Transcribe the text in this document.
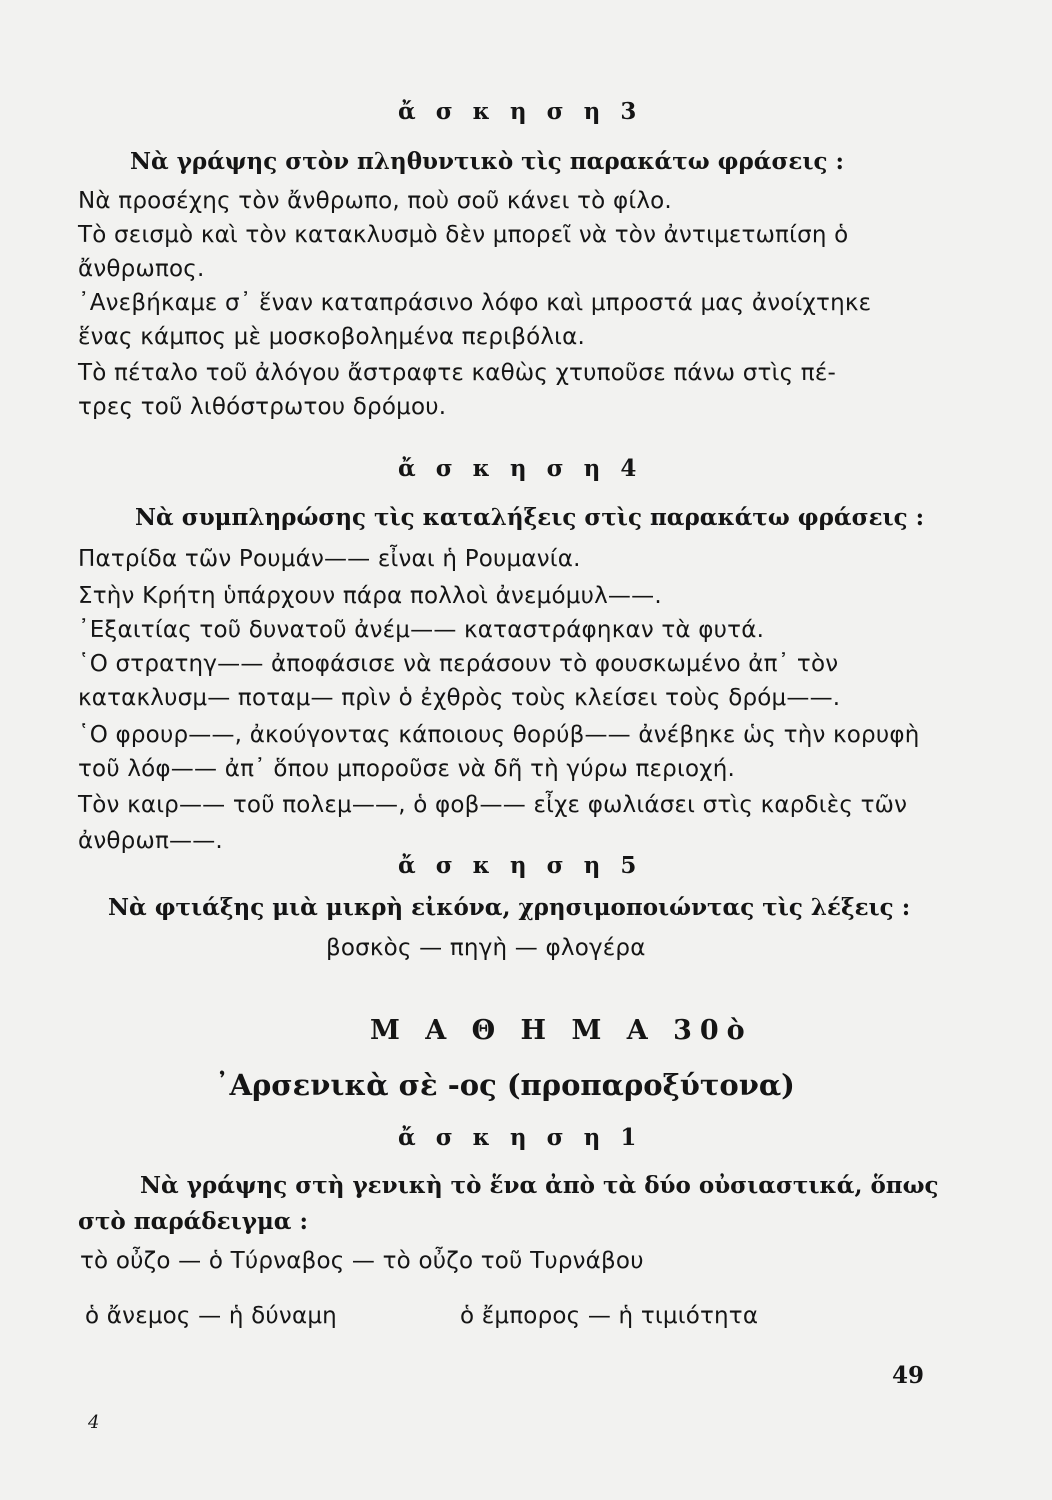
ἄ σ κ η σ η 3
Νὰ γράψης στὸν πληθυντικὸ τὶς παρακάτω φράσεις :
Νὰ προσέχης τὸν ἄνθρωπο, ποὺ σοῦ κάνει τὸ φίλο.
Τὸ σεισμὸ καὶ τὸν κατακλυσμὸ δὲν μπορεῖ νὰ τὸν ἀντιμετωπίση ὁ
ἄνθρωπος.
᾿Ανεβήκαμε σ᾿ ἕναν καταπράσινο λόφο καὶ μπροστά μας ἀνοίχτηκε
ἕνας κάμπος μὲ μοσκοβολημένα περιβόλια.
Τὸ πέταλο τοῦ ἀλόγου ἄστραφτε καθὼς χτυποῦσε πάνω στὶς πέ-
τρες τοῦ λιθόστρωτου δρόμου.
ἄ σ κ η σ η 4
Νὰ συμπληρώσης τὶς καταλήξεις στὶς παρακάτω φράσεις :
Πατρίδα τῶν Ρουμάν—— εἶναι ἡ Ρουμανία.
Στὴν Κρήτη ὑπάρχουν πάρα πολλοὶ ἀνεμόμυλ——.
᾿Εξαιτίας τοῦ δυνατοῦ ἀνέμ—— καταστράφηκαν τὰ φυτά.
῾Ο στρατηγ—— ἀποφάσισε νὰ περάσουν τὸ φουσκωμένο ἀπ᾿ τὸν
κατακλυσμ— ποταμ— πρὶν ὁ ἐχθρὸς τοὺς κλείσει τοὺς δρόμ——.
῾Ο φρουρ——, ἀκούγοντας κάποιους θορύβ—— ἀνέβηκε ὡς τὴν κορυφὴ
τοῦ λόφ—— ἀπ᾿ ὅπου μποροῦσε νὰ δῆ τὴ γύρω περιοχή.
Τὸν καιρ—— τοῦ πολεμ——, ὁ φοβ—— εἶχε φωλιάσει στὶς καρδιὲς τῶν
ἀνθρωπ——.
ἄ σ κ η σ η 5
Νὰ φτιάξης μιὰ μικρὴ εἰκόνα, χρησιμοποιώντας τὶς λέξεις :
βοσκὸς — πηγὴ — φλογέρα
Μ Α Θ Η Μ Α 30ὸ
᾿Αρσενικὰ σὲ -ος (προπαροξύτονα)
ἄ σ κ η σ η 1
Νὰ γράψης στὴ γενικὴ τὸ ἕνα ἀπὸ τὰ δύο οὐσιαστικά, ὅπως
στὸ παράδειγμα :
τὸ οὖζο — ὁ Τύρναβος — τὸ οὖζο τοῦ Τυρνάβου
ὁ ἄνεμος — ἡ δύναμη	ὁ ἔμπορος — ἡ τιμιότητα
49
4
